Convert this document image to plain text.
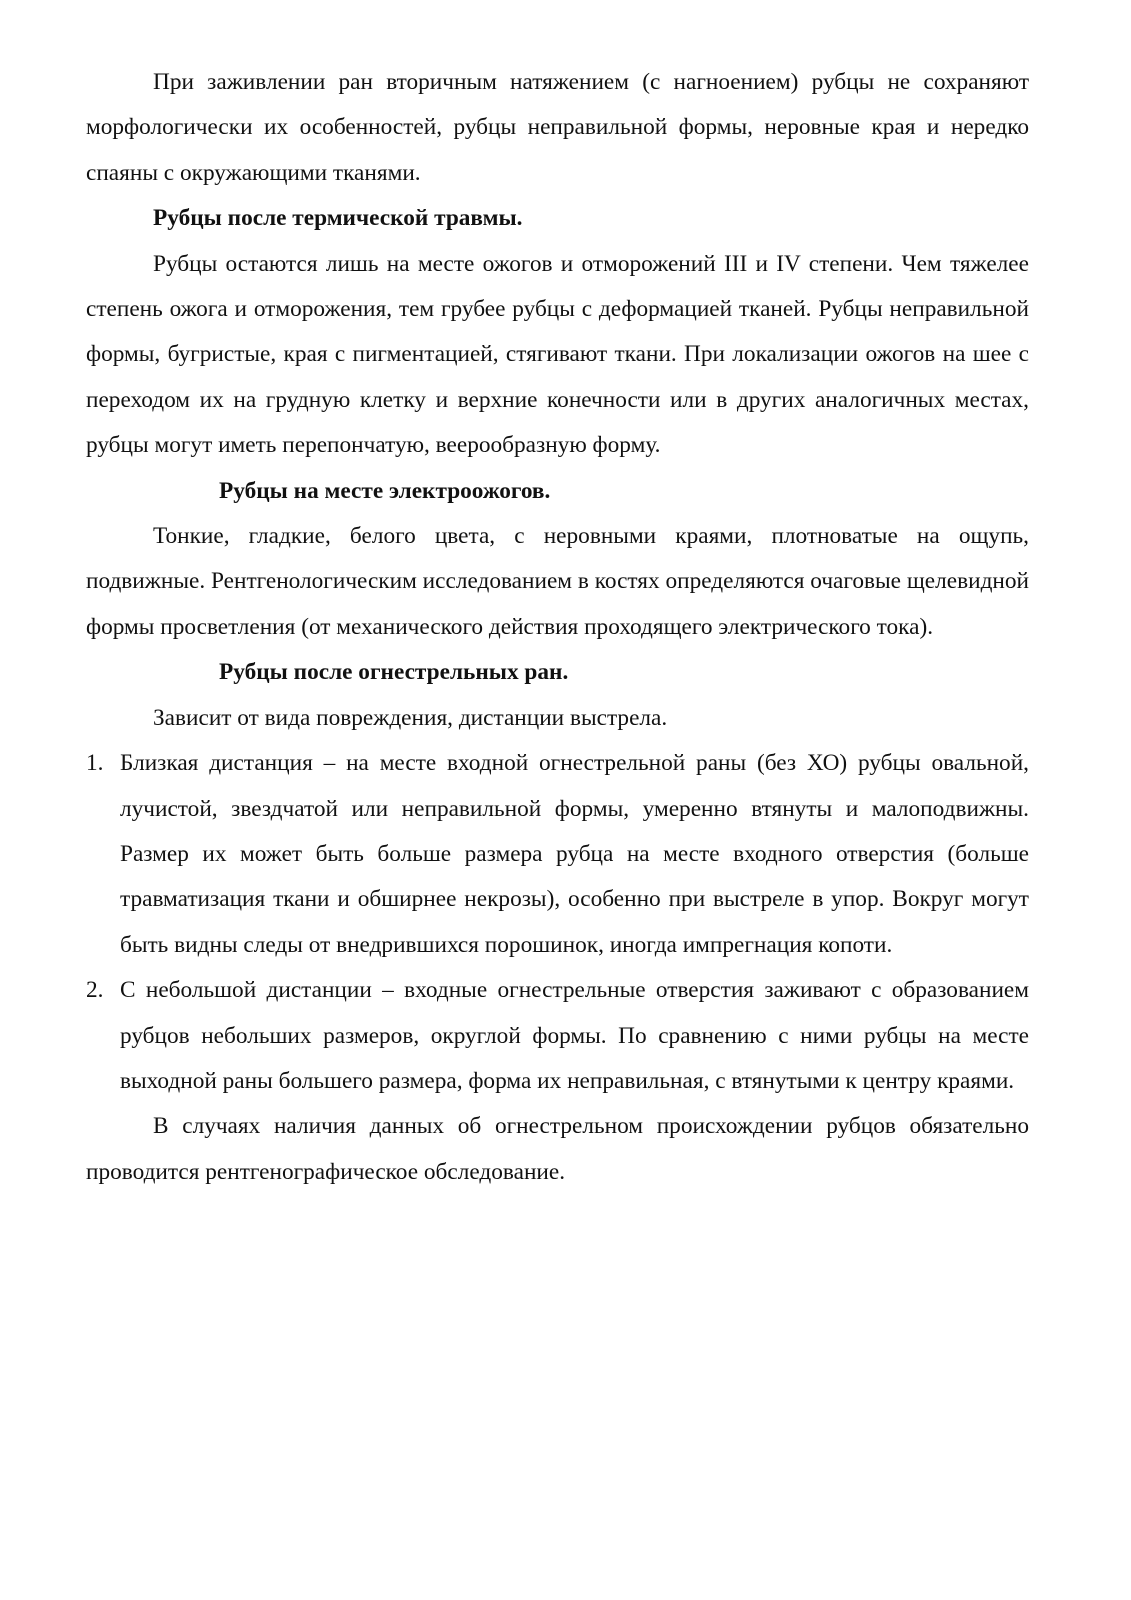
При заживлении ран вторичным натяжением (с нагноением) рубцы не сохраняют морфологически их особенностей, рубцы неправильной формы, неровные края и нередко спаяны с окружающими тканями.

Рубцы после термической травмы.

Рубцы остаются лишь на месте ожогов и отморожений III и IV степени. Чем тяжелее степень ожога и отморожения, тем грубее рубцы с деформацией тканей. Рубцы неправильной формы, бугристые, края с пигментацией, стягивают ткани. При локализации ожогов на шее с переходом их на грудную клетку и верхние конечности или в других аналогичных местах, рубцы могут иметь перепончатую, веерообразную форму.

Рубцы на месте электроожогов.

Тонкие, гладкие, белого цвета, с неровными краями, плотноватые на ощупь, подвижные. Рентгенологическим исследованием в костях определяются очаговые щелевидной формы просветления (от механического действия проходящего электрического тока).

Рубцы после огнестрельных ран.

Зависит от вида повреждения, дистанции выстрела.

1. Близкая дистанция – на месте входной огнестрельной раны (без ХО) рубцы овальной, лучистой, звездчатой или неправильной формы, умеренно втянуты и малоподвижны. Размер их может быть больше размера рубца на месте входного отверстия (больше травматизация ткани и обширнее некрозы), особенно при выстреле в упор. Вокруг могут быть видны следы от внедрившихся порошинок, иногда импрегнация копоти.
2. С небольшой дистанции – входные огнестрельные отверстия заживают с образованием рубцов небольших размеров, округлой формы. По сравнению с ними рубцы на месте выходной раны большего размера, форма их неправильная, с втянутыми к центру краями.

В случаях наличия данных об огнестрельном происхождении рубцов обязательно проводится рентгенографическое обследование.
